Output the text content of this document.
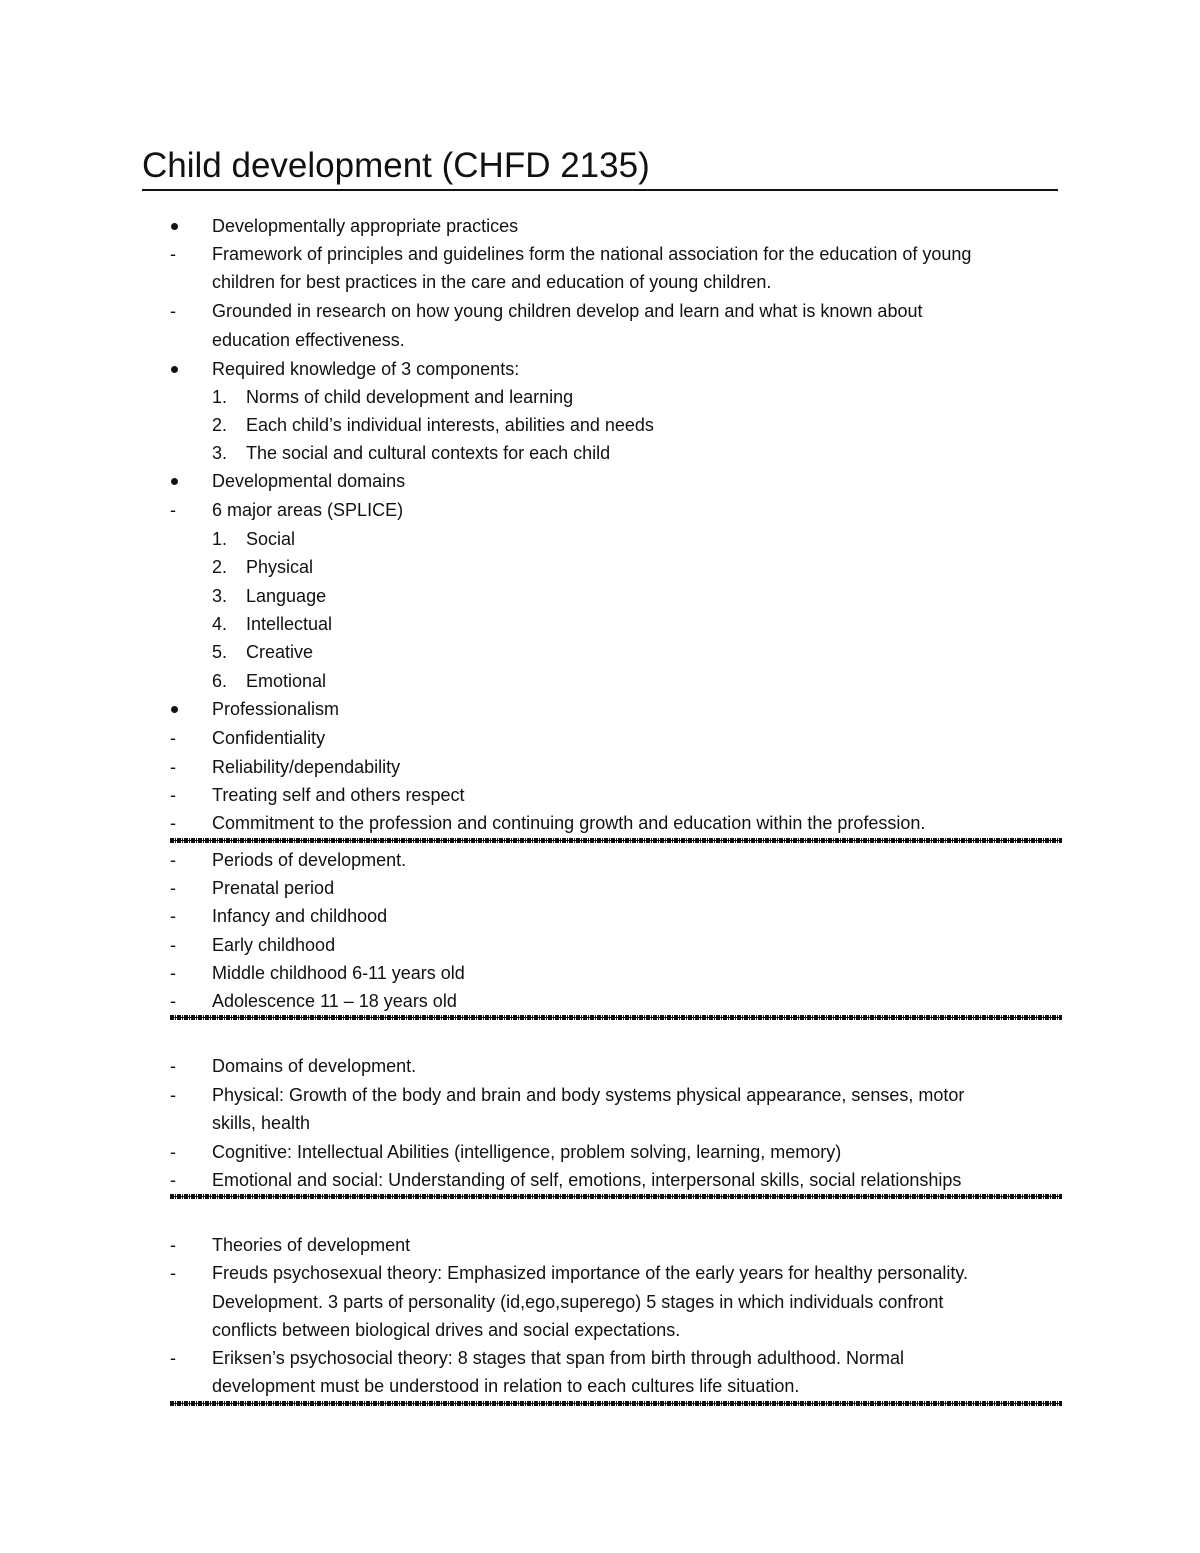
Child development (CHFD 2135)
Developmentally appropriate practices
- Framework of principles and guidelines form the national association for the education of young
children for best practices in the care and education of young children.
- Grounded in research on how young children develop and learn and what is known about
education effectiveness.
Required knowledge of 3 components:
1. Norms of child development and learning
2. Each child’s individual interests, abilities and needs
3. The social and cultural contexts for each child
Developmental domains
- 6 major areas (SPLICE)
1. Social
2. Physical
3. Language
4. Intellectual
5. Creative
6. Emotional
Professionalism
- Confidentiality
- Reliability/dependability
- Treating self and others respect
- Commitment to the profession and continuing growth and education within the profession.
- Periods of development.
- Prenatal period
- Infancy and childhood
- Early childhood
- Middle childhood 6-11 years old
- Adolescence 11 – 18 years old
- Domains of development.
- Physical: Growth of the body and brain and body systems physical appearance, senses, motor
skills, health
- Cognitive: Intellectual Abilities (intelligence, problem solving, learning, memory)
- Emotional and social: Understanding of self, emotions, interpersonal skills, social relationships
- Theories of development
- Freuds psychosexual theory: Emphasized importance of the early years for healthy personality.
Development. 3 parts of personality (id,ego,superego) 5 stages in which individuals confront
conflicts between biological drives and social expectations.
- Eriksen’s psychosocial theory: 8 stages that span from birth through adulthood. Normal
development must be understood in relation to each cultures life situation.
